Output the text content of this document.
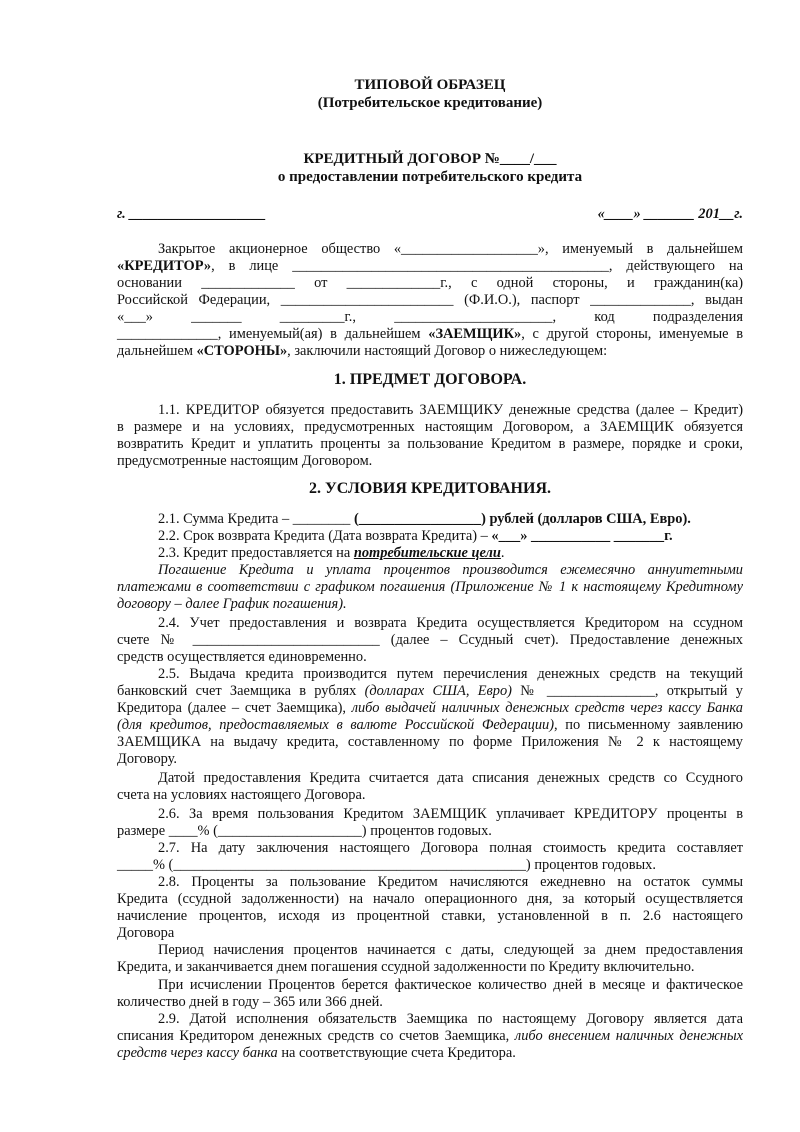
ТИПОВОЙ ОБРАЗЕЦ
(Потребительское кредитование)
КРЕДИТНЫЙ ДОГОВОР №____/___
о предоставлении потребительского кредита
г. ___________________	«____» _______ 201__г.
Закрытое акционерное общество «___________________», именуемый в дальнейшем
«КРЕДИТОР», в лице ____________________________________________, действующего на
основании _____________ от _____________г., с одной стороны, и гражданин(ка)
Российской Федерации, ________________________ (Ф.И.О.), паспорт ______________, выдан
«___» _______ _________г., ______________________, код подразделения
______________, именуемый(ая) в дальнейшем «ЗАЕМЩИК», с другой стороны, именуемые в
дальнейшем «СТОРОНЫ», заключили настоящий Договор о нижеследующем:
1. ПРЕДМЕТ ДОГОВОРА.
1.1. КРЕДИТОР обязуется предоставить ЗАЕМЩИКУ денежные средства (далее – Кредит)
в размере и на условиях, предусмотренных настоящим Договором, а ЗАЕМЩИК обязуется
возвратить Кредит и уплатить проценты за пользование Кредитом в размере, порядке и сроки,
предусмотренные настоящим Договором.
2. УСЛОВИЯ КРЕДИТОВАНИЯ.
2.1. Сумма Кредита – ________ (_________________) рублей (долларов США, Евро).
2.2. Срок возврата Кредита (Дата возврата Кредита) – «___» ___________ _______г.
2.3. Кредит предоставляется на потребительские цели.
Погашение Кредита и уплата процентов производится ежемесячно аннуитетными
платежами в соответствии с графиком погашения (Приложение № 1 к настоящему Кредитному
договору – далее График погашения).
2.4. Учет предоставления и возврата Кредита осуществляется Кредитором на ссудном
счете № __________________________ (далее – Ссудный счет). Предоставление денежных
средств осуществляется единовременно.
2.5. Выдача кредита производится путем перечисления денежных средств на текущий
банковский счет Заемщика в рублях (долларах США, Евро) № _______________, открытый у
Кредитора (далее – счет Заемщика), либо выдачей наличных денежных средств через кассу Банка
(для кредитов, предоставляемых в валюте Российской Федерации), по письменному заявлению
ЗАЕМЩИКА на выдачу кредита, составленному по форме Приложения № 2 к настоящему
Договору.
Датой предоставления Кредита считается дата списания денежных средств со Ссудного
счета на условиях настоящего Договора.
2.6. За время пользования Кредитом ЗАЕМЩИК уплачивает КРЕДИТОРУ проценты в
размере ____% (____________________) процентов годовых.
2.7. На дату заключения настоящего Договора полная стоимость кредита составляет
_____% (_________________________________________________) процентов годовых.
2.8. Проценты за пользование Кредитом начисляются ежедневно на остаток суммы
Кредита (ссудной задолженности) на начало операционного дня, за который осуществляется
начисление процентов, исходя из процентной ставки, установленной в п. 2.6 настоящего
Договора
Период начисления процентов начинается с даты, следующей за днем предоставления
Кредита, и заканчивается днем погашения ссудной задолженности по Кредиту включительно.
При исчислении Процентов берется фактическое количество дней в месяце и фактическое
количество дней в году – 365 или 366 дней.
2.9. Датой исполнения обязательств Заемщика по настоящему Договору является дата
списания Кредитором денежных средств со счетов Заемщика, либо внесением наличных денежных
средств через кассу банка на соответствующие счета Кредитора.
